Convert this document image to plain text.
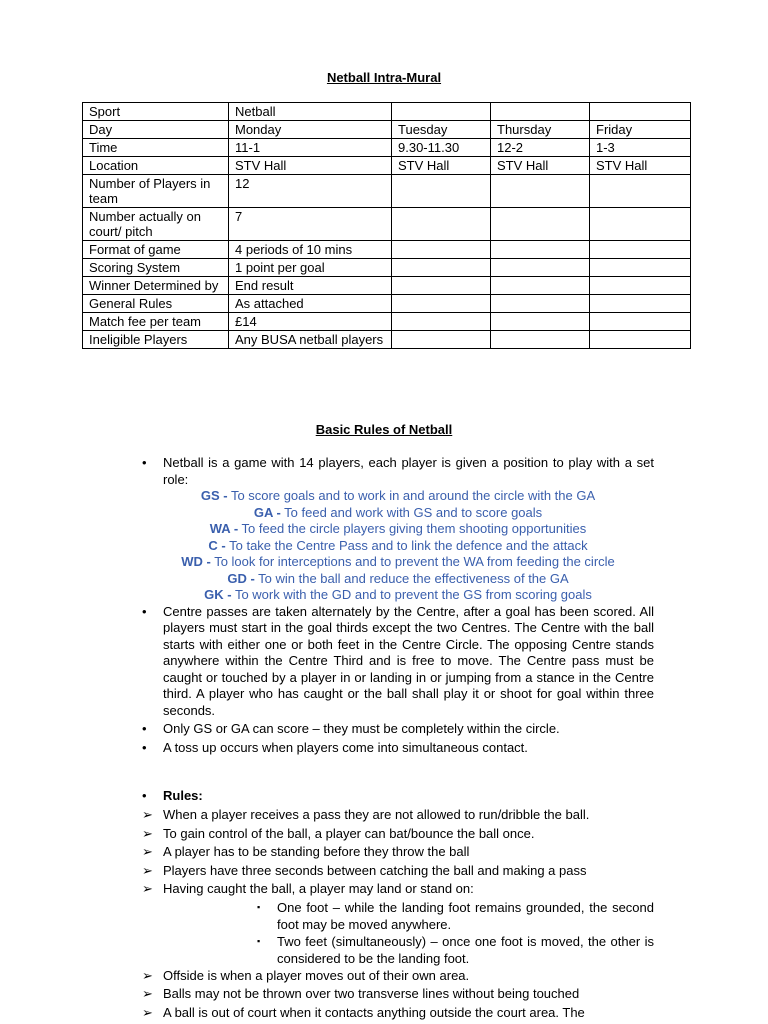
Netball Intra-Mural
Sport	Netball			
Day	Monday	Tuesday	Thursday	Friday
Time	11-1	9.30-11.30	12-2	1-3
Location	STV Hall	STV Hall	STV Hall	STV Hall
Number of Players in team	12			
Number actually on court/ pitch	7			
Format of game	4 periods of 10 mins			
Scoring System	1 point per goal			
Winner Determined by	End result			
General Rules	As attached			
Match fee per team	£14			
Ineligible Players	Any BUSA netball players			
Basic Rules of Netball
• Netball is a game with 14 players, each player is given a position to play with a set role:
GS - To score goals and to work in and around the circle with the GA
GA - To feed and work with GS and to score goals
WA - To feed the circle players giving them shooting opportunities
C - To take the Centre Pass and to link the defence and the attack
WD - To look for interceptions and to prevent the WA from feeding the circle
GD - To win the ball and reduce the effectiveness of the GA
GK - To work with the GD and to prevent the GS from scoring goals
• Centre passes are taken alternately by the Centre, after a goal has been scored. All players must start in the goal thirds except the two Centres. The Centre with the ball starts with either one or both feet in the Centre Circle. The opposing Centre stands anywhere within the Centre Third and is free to move. The Centre pass must be caught or touched by a player in or landing in or jumping from a stance in the Centre third. A player who has caught or the ball shall play it or shoot for goal within three seconds.
• Only GS or GA can score – they must be completely within the circle.
• A toss up occurs when players come into simultaneous contact.
• Rules:
➢ When a player receives a pass they are not allowed to run/dribble the ball.
➢ To gain control of the ball, a player can bat/bounce the ball once.
➢ A player has to be standing before they throw the ball
➢ Players have three seconds between catching the ball and making a pass
➢ Having caught the ball, a player may land or stand on:
▪ One foot – while the landing foot remains grounded, the second foot may be moved anywhere.
▪ Two feet (simultaneously) – once one foot is moved, the other is considered to be the landing foot.
➢ Offside is when a player moves out of their own area.
➢ Balls may not be thrown over two transverse lines without being touched
➢ A ball is out of court when it contacts anything outside the court area. The
